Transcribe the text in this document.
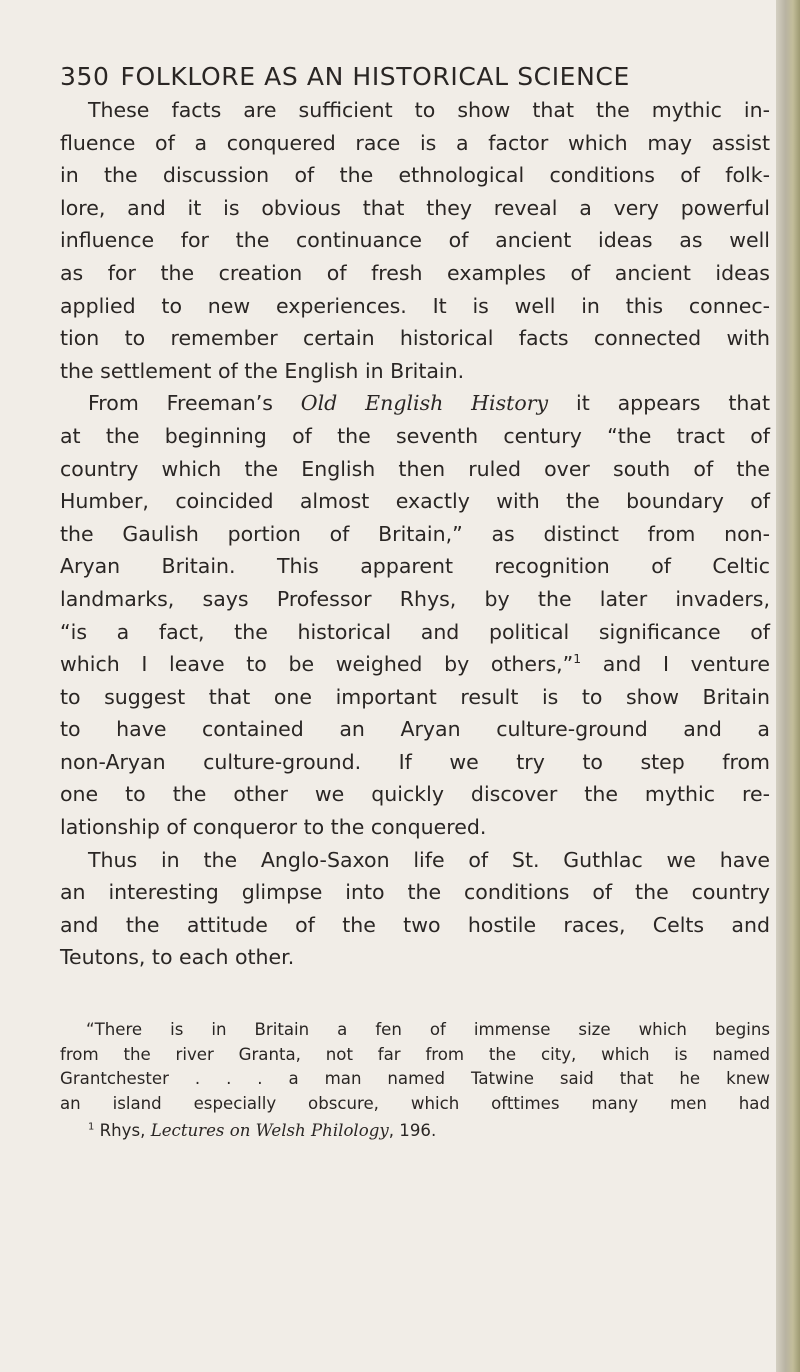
350 FOLKLORE AS AN HISTORICAL SCIENCE
These facts are sufficient to show that the mythic in-
fluence of a conquered race is a factor which may assist
in the discussion of the ethnological conditions of folk-
lore, and it is obvious that they reveal a very powerful
influence for the continuance of ancient ideas as well
as for the creation of fresh examples of ancient ideas
applied to new experiences. It is well in this connec-
tion to remember certain historical facts connected with
the settlement of the English in Britain.
From Freeman’s Old English History it appears that
at the beginning of the seventh century “the tract of
country which the English then ruled over south of the
Humber, coincided almost exactly with the boundary of
the Gaulish portion of Britain,” as distinct from non-
Aryan Britain. This apparent recognition of Celtic
landmarks, says Professor Rhys, by the later invaders,
“is a fact, the historical and political significance of
which I leave to be weighed by others,”$^1$ and I venture
to suggest that one important result is to show Britain
to have contained an Aryan culture-ground and a
non-Aryan culture-ground. If we try to step from
one to the other we quickly discover the mythic re-
lationship of conqueror to the conquered.
Thus in the Anglo-Saxon life of St. Guthlac we have
an interesting glimpse into the conditions of the country
and the attitude of the two hostile races, Celts and
Teutons, to each other.
“There is in Britain a fen of immense size which begins
from the river Granta, not far from the city, which is named
Grantchester . . . a man named Tatwine said that he knew
an island especially obscure, which ofttimes many men had
$^1$ Rhys, Lectures on Welsh Philology, 196.
